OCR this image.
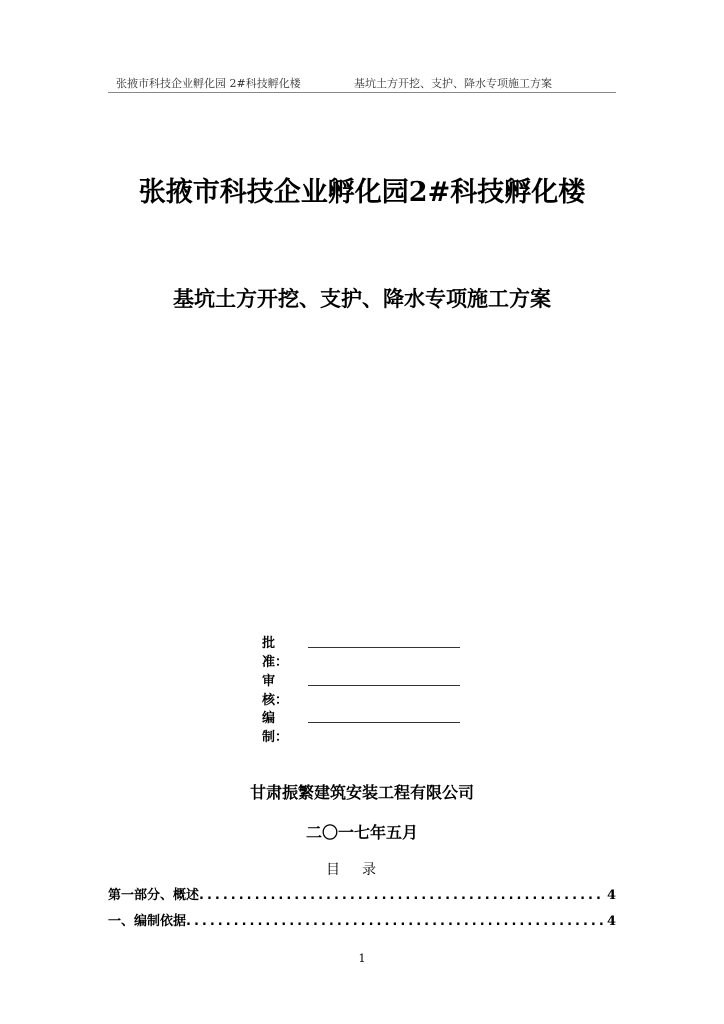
张掖市科技企业孵化园 2#科技孵化楼	基坑土方开挖、支护、降水专项施工方案
张掖市科技企业孵化园2#科技孵化楼
基坑土方开挖、支护、降水专项施工方案
批准：
审核：
编制：
甘肃振繁建筑安装工程有限公司
二〇一七年五月
目录
第一部分、概述 .....	4
一、编制依据 .....	4
1
